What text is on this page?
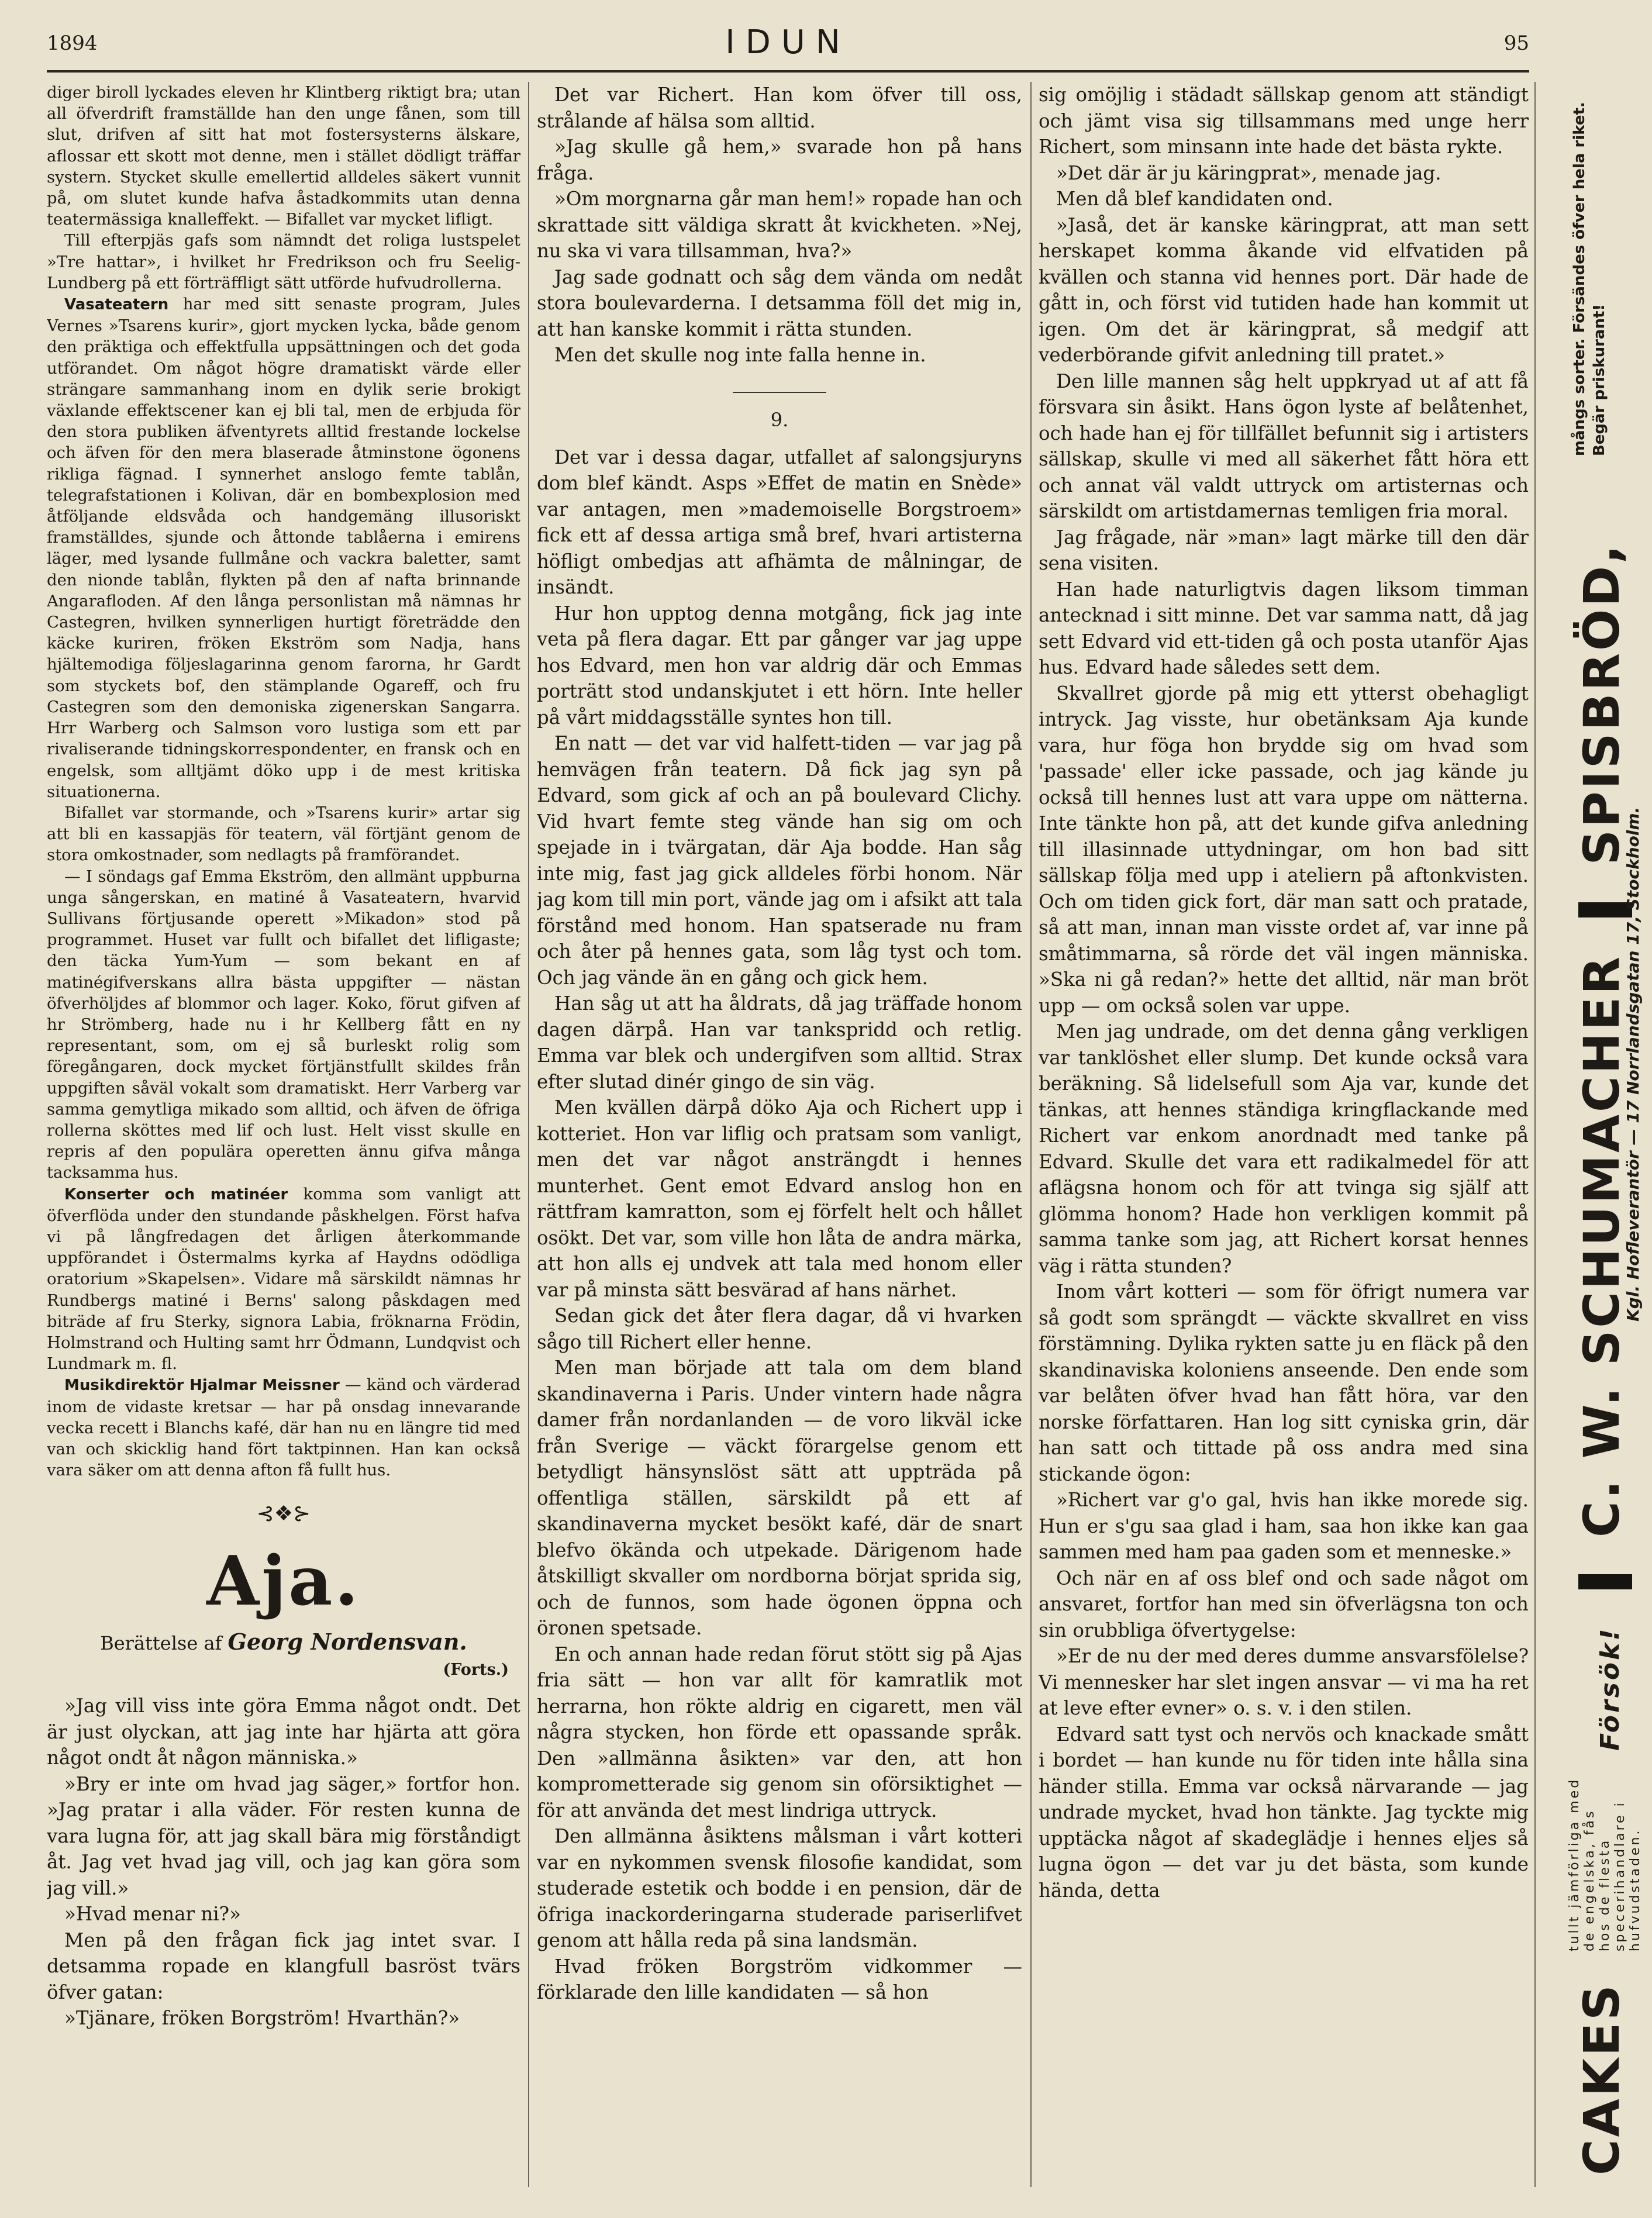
1894	IDUN	95

diger biroll lyckades eleven hr Klintberg riktigt bra; utan all öfverdrift framställde han den unge fånen, som till slut, drifven af sitt hat mot fostersysterns älskare, aflossar ett skott mot denne, men i stället dödligt träffar systern. Stycket skulle emellertid alldeles säkert vunnit på, om slutet kunde hafva åstadkommits utan denna teatermässiga knalleffekt. — Bifallet var mycket lifligt.

Till efterpjäs gafs som nämndt det roliga lustspelet »Tre hattar», i hvilket hr Fredrikson och fru Seelig-Lundberg på ett förträffligt sätt utförde hufvudrollerna.

Vasateatern har med sitt senaste program, Jules Vernes »Tsarens kurir», gjort mycken lycka, både genom den präktiga och effektfulla uppsättningen och det goda utförandet. Om något högre dramatiskt värde eller strängare sammanhang inom en dylik serie brokigt växlande effektscener kan ej bli tal, men de erbjuda för den stora publiken äfventyrets alltid frestande lockelse och äfven för den mera blaserade åtminstone ögonens rikliga fägnad. I synnerhet anslogo femte tablån, telegrafstationen i Kolivan, där en bombexplosion med åtföljande eldsvåda och handgemäng illusoriskt framställdes, sjunde och åttonde tablåerna i emirens läger, med lysande fullmåne och vackra baletter, samt den nionde tablån, flykten på den af nafta brinnande Angarafloden. Af den långa personlistan må nämnas hr Castegren, hvilken synnerligen hurtigt företrädde den käcke kuriren, fröken Ekström som Nadja, hans hjältemodiga följeslagarinna genom farorna, hr Gardt som styckets bof, den stämplande Ogareff, och fru Castegren som den demoniska zigenerskan Sangarra. Hrr Warberg och Salmson voro lustiga som ett par rivaliserande tidningskorrespondenter, en fransk och en engelsk, som alltjämt döko upp i de mest kritiska situationerna.

Bifallet var stormande, och »Tsarens kurir» artar sig att bli en kassapjäs för teatern, väl förtjänt genom de stora omkostnader, som nedlagts på framförandet.

— I söndags gaf Emma Ekström, den allmänt uppburna unga sångerskan, en matiné å Vasateatern, hvarvid Sullivans förtjusande operett »Mikadon» stod på programmet. Huset var fullt och bifallet det lifligaste; den täcka Yum-Yum — som bekant en af matinégifverskans allra bästa uppgifter — nästan öfverhöljdes af blommor och lager. Koko, förut gifven af hr Strömberg, hade nu i hr Kellberg fått en ny representant, som, om ej så burleskt rolig som föregångaren, dock mycket förtjänstfullt skildes från uppgiften såväl vokalt som dramatiskt. Herr Varberg var samma gemytliga mikado som alltid, och äfven de öfriga rollerna sköttes med lif och lust. Helt visst skulle en repris af den populära operetten ännu gifva många tacksamma hus.

Konserter och matinéer komma som vanligt att öfverflöda under den stundande påskhelgen. Först hafva vi på långfredagen det årligen återkommande uppförandet i Östermalms kyrka af Haydns odödliga oratorium »Skapelsen». Vidare må särskildt nämnas hr Rundbergs matiné i Berns' salong påskdagen med biträde af fru Sterky, signora Labia, fröknarna Frödin, Holmstrand och Hulting samt hrr Ödmann, Lundqvist och Lundmark m. fl.

Musikdirektör Hjalmar Meissner — känd och värderad inom de vidaste kretsar — har på onsdag innevarande vecka recett i Blanchs kafé, där han nu en längre tid med van och skicklig hand fört taktpinnen. Han kan också vara säker om att denna afton få fullt hus.

⊰❖⊱
Aja.
Berättelse af Georg Nordensvan.
(Forts.)

»Jag vill viss inte göra Emma något ondt. Det är just olyckan, att jag inte har hjärta att göra något ondt åt någon människa.»

»Bry er inte om hvad jag säger,» fortfor hon. »Jag pratar i alla väder. För resten kunna de vara lugna för, att jag skall bära mig förståndigt åt. Jag vet hvad jag vill, och jag kan göra som jag vill.»

»Hvad menar ni?»

Men på den frågan fick jag intet svar. I detsamma ropade en klangfull basröst tvärs öfver gatan:

»Tjänare, fröken Borgström! Hvarthän?»

Det var Richert. Han kom öfver till oss, strålande af hälsa som alltid.

»Jag skulle gå hem,» svarade hon på hans fråga.

»Om morgnarna går man hem!» ropade han och skrattade sitt väldiga skratt åt kvickheten. »Nej, nu ska vi vara tillsamman, hva?»

Jag sade godnatt och såg dem vända om nedåt stora boulevarderna. I detsamma föll det mig in, att han kanske kommit i rätta stunden.

Men det skulle nog inte falla henne in.

9.

Det var i dessa dagar, utfallet af salongsjuryns dom blef kändt. Asps »Effet de matin en Snède» var antagen, men »mademoiselle Borgstroem» fick ett af dessa artiga små bref, hvari artisterna höfligt ombedjas att afhämta de målningar, de insändt.

Hur hon upptog denna motgång, fick jag inte veta på flera dagar. Ett par gånger var jag uppe hos Edvard, men hon var aldrig där och Emmas porträtt stod undanskjutet i ett hörn. Inte heller på vårt middagsställe syntes hon till.

En natt — det var vid halfett-tiden — var jag på hemvägen från teatern. Då fick jag syn på Edvard, som gick af och an på boulevard Clichy. Vid hvart femte steg vände han sig om och spejade in i tvärgatan, där Aja bodde. Han såg inte mig, fast jag gick alldeles förbi honom. När jag kom till min port, vände jag om i afsikt att tala förstånd med honom. Han spatserade nu fram och åter på hennes gata, som låg tyst och tom. Och jag vände än en gång och gick hem.

Han såg ut att ha åldrats, då jag träffade honom dagen därpå. Han var tankspridd och retlig. Emma var blek och undergifven som alltid. Strax efter slutad dinér gingo de sin väg.

Men kvällen därpå döko Aja och Richert upp i kotteriet. Hon var liflig och pratsam som vanligt, men det var något ansträngdt i hennes munterhet. Gent emot Edvard anslog hon en rättfram kamratton, som ej förfelt helt och hållet osökt. Det var, som ville hon låta de andra märka, att hon alls ej undvek att tala med honom eller var på minsta sätt besvärad af hans närhet.

Sedan gick det åter flera dagar, då vi hvarken sågo till Richert eller henne.

Men man började att tala om dem bland skandinaverna i Paris. Under vintern hade några damer från nordanlanden — de voro likväl icke från Sverige — väckt förargelse genom ett betydligt hänsynslöst sätt att uppträda på offentliga ställen, särskildt på ett af skandinaverna mycket besökt kafé, där de snart blefvo ökända och utpekade. Därigenom hade åtskilligt skvaller om nordborna börjat sprida sig, och de funnos, som hade ögonen öppna och öronen spetsade.

En och annan hade redan förut stött sig på Ajas fria sätt — hon var allt för kamratlik mot herrarna, hon rökte aldrig en cigarett, men väl några stycken, hon förde ett opassande språk. Den »allmänna åsikten» var den, att hon komprometterade sig genom sin oförsiktighet — för att använda det mest lindriga uttryck.

Den allmänna åsiktens målsman i vårt kotteri var en nykommen svensk filosofie kandidat, som studerade estetik och bodde i en pension, där de öfriga inackorderingarna studerade pariserlifvet genom att hålla reda på sina landsmän.

Hvad fröken Borgström vidkommer — förklarade den lille kandidaten — så hon

sig omöjlig i städadt sällskap genom att ständigt och jämt visa sig tillsammans med unge herr Richert, som minsann inte hade det bästa rykte.

»Det där är ju käringprat», menade jag.

Men då blef kandidaten ond.

»Jaså, det är kanske käringprat, att man sett herskapet komma åkande vid elfvatiden på kvällen och stanna vid hennes port. Där hade de gått in, och först vid tutiden hade han kommit ut igen. Om det är käringprat, så medgif att vederbörande gifvit anledning till pratet.»

Den lille mannen såg helt uppkryad ut af att få försvara sin åsikt. Hans ögon lyste af belåtenhet, och hade han ej för tillfället befunnit sig i artisters sällskap, skulle vi med all säkerhet fått höra ett och annat väl valdt uttryck om artisternas och särskildt om artistdamernas temligen fria moral.

Jag frågade, när »man» lagt märke till den där sena visiten.

Han hade naturligtvis dagen liksom timman antecknad i sitt minne. Det var samma natt, då jag sett Edvard vid ett-tiden gå och posta utanför Ajas hus. Edvard hade således sett dem.

Skvallret gjorde på mig ett ytterst obehagligt intryck. Jag visste, hur obetänksam Aja kunde vara, hur föga hon brydde sig om hvad som 'passade' eller icke passade, och jag kände ju också till hennes lust att vara uppe om nätterna. Inte tänkte hon på, att det kunde gifva anledning till illasinnade uttydningar, om hon bad sitt sällskap följa med upp i ateliern på aftonkvisten. Och om tiden gick fort, där man satt och pratade, så att man, innan man visste ordet af, var inne på småtimmarna, så rörde det väl ingen människa. »Ska ni gå redan?» hette det alltid, när man bröt upp — om också solen var uppe.

Men jag undrade, om det denna gång verkligen var tanklöshet eller slump. Det kunde också vara beräkning. Så lidelsefull som Aja var, kunde det tänkas, att hennes ständiga kringflackande med Richert var enkom anordnadt med tanke på Edvard. Skulle det vara ett radikalmedel för att aflägsna honom och för att tvinga sig själf att glömma honom? Hade hon verkligen kommit på samma tanke som jag, att Richert korsat hennes väg i rätta stunden?

Inom vårt kotteri — som för öfrigt numera var så godt som sprängdt — väckte skvallret en viss förstämning. Dylika rykten satte ju en fläck på den skandinaviska koloniens anseende. Den ende som var belåten öfver hvad han fått höra, var den norske författaren. Han log sitt cyniska grin, där han satt och tittade på oss andra med sina stickande ögon:

»Richert var g'o gal, hvis han ikke morede sig. Hun er s'gu saa glad i ham, saa hon ikke kan gaa sammen med ham paa gaden som et menneske.»

Och när en af oss blef ond och sade något om ansvaret, fortfor han med sin öfverlägsna ton och sin orubbliga öfvertygelse:

»Er de nu der med deres dumme ansvarsfölelse? Vi mennesker har slet ingen ansvar — vi ma ha ret at leve efter evner» o. s. v. i den stilen.

Edvard satt tyst och nervös och knackade smått i bordet — han kunde nu för tiden inte hålla sina händer stilla. Emma var också närvarande — jag undrade mycket, hvad hon tänkte. Jag tyckte mig upptäcka något af skadeglädje i hennes eljes så lugna ögon — det var ju det bästa, som kunde hända, detta

CAKES tullt jämförliga med de engelska, fås hos de flesta specerihandlare i hufvudstaden. Försök!  C. W. SCHUMACHER  SPISBRÖD,
Kgl. Hofleverantör — 17 Norrlandsgatan 17, Stockholm.
mångs sorter. Försändes öfver hela riket. Begär priskurant!
